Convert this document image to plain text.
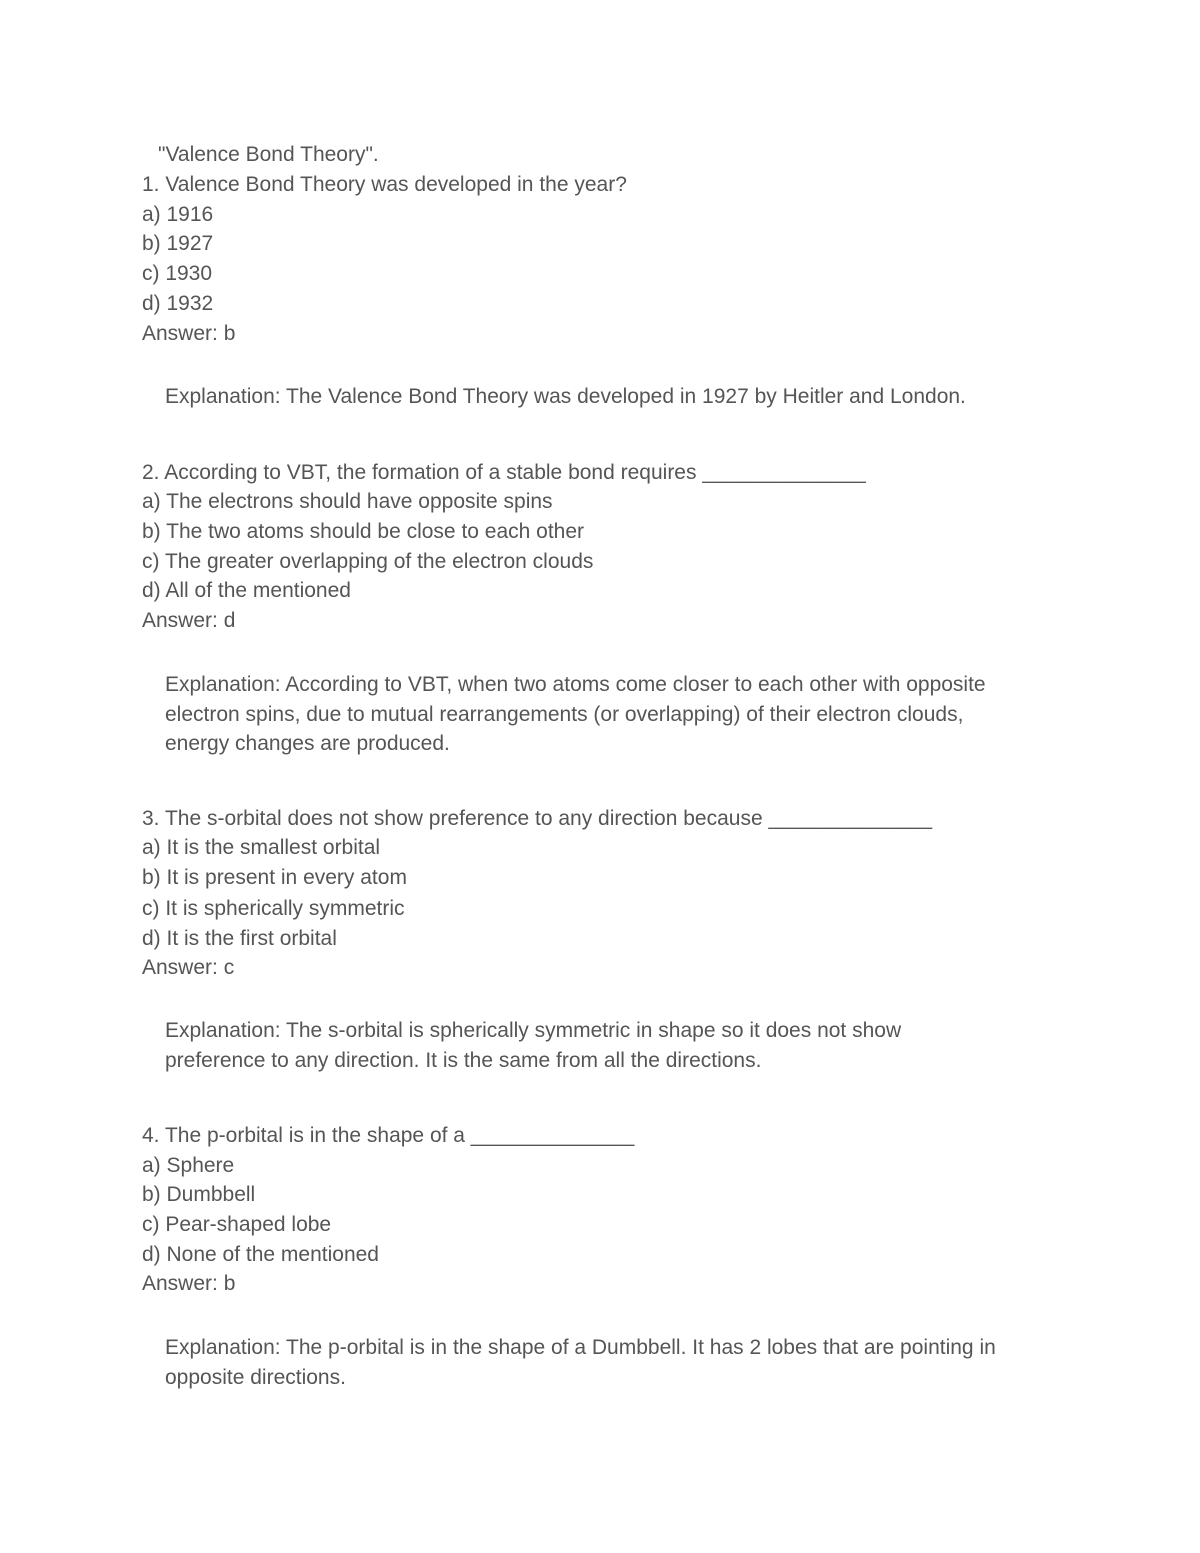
"Valence Bond Theory".
1. Valence Bond Theory was developed in the year?
a) 1916
b) 1927
c) 1930
d) 1932
Answer: b
Explanation: The Valence Bond Theory was developed in 1927 by Heitler and London.
2. According to VBT, the formation of a stable bond requires ______________
a) The electrons should have opposite spins
b) The two atoms should be close to each other
c) The greater overlapping of the electron clouds
d) All of the mentioned
Answer: d
Explanation: According to VBT, when two atoms come closer to each other with opposite
electron spins, due to mutual rearrangements (or overlapping) of their electron clouds,
energy changes are produced.
3. The s-orbital does not show preference to any direction because ______________
a) It is the smallest orbital
b) It is present in every atom
c) It is spherically symmetric
d) It is the first orbital
Answer: c
Explanation: The s-orbital is spherically symmetric in shape so it does not show
preference to any direction. It is the same from all the directions.
4. The p-orbital is in the shape of a ______________
a) Sphere
b) Dumbbell
c) Pear-shaped lobe
d) None of the mentioned
Answer: b
Explanation: The p-orbital is in the shape of a Dumbbell. It has 2 lobes that are pointing in
opposite directions.
